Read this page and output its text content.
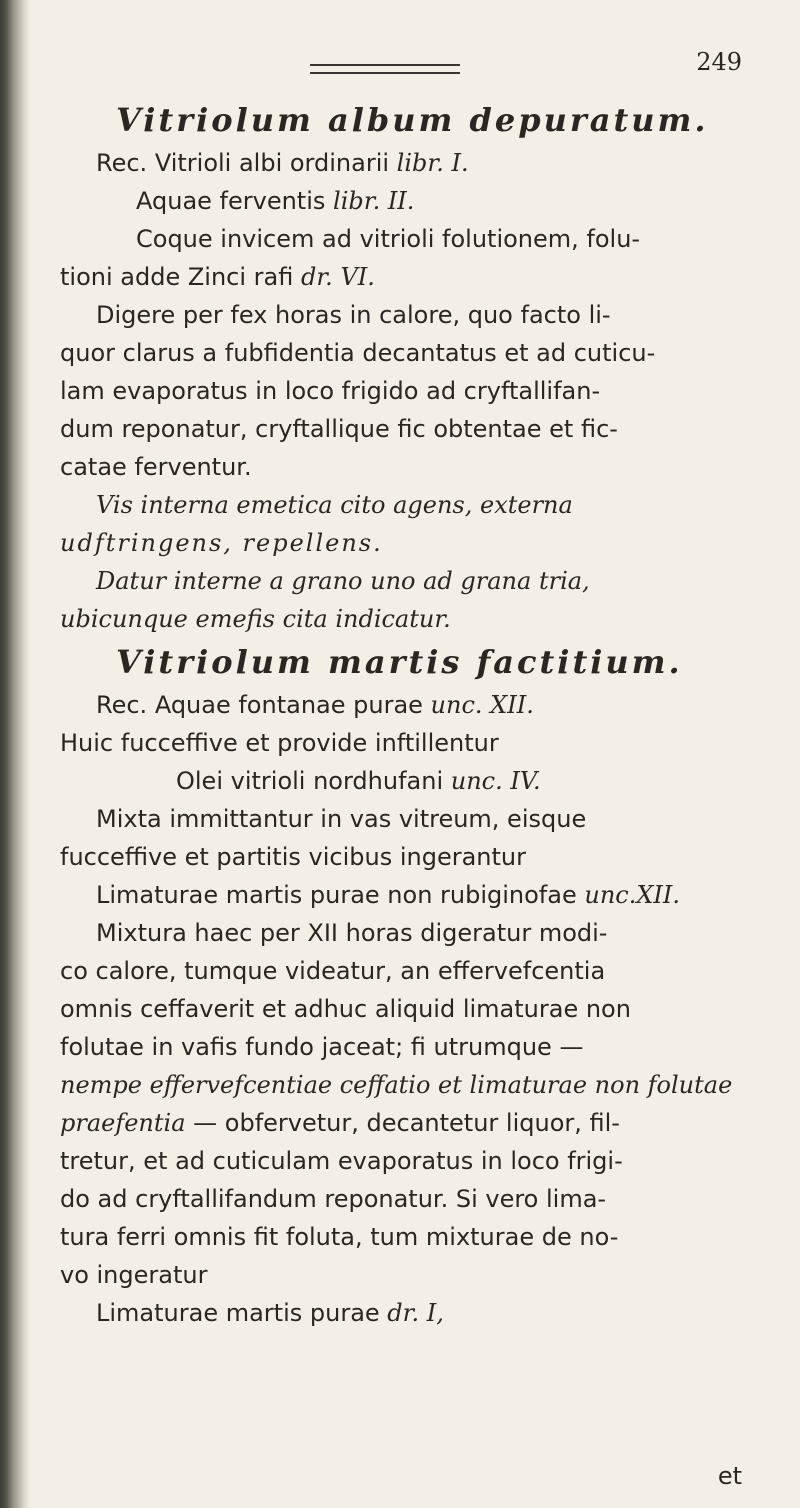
249
Vitriolum album depuratum.
Rec. Vitrioli albi ordinarii libr. I.
Aquae ferventis libr. II.
Coque invicem ad vitrioli folutionem, folu-
tioni adde Zinci rafi dr. VI.
Digere per fex horas in calore, quo facto li-
quor clarus a fubfidentia decantatus et ad cuticu-
lam evaporatus in loco frigido ad cryftallifan-
dum reponatur, cryftallique fic obtentae et fic-
catae ferventur.
Vis interna emetica cito agens, externa
udftringens, repellens.
Datur interne a grano uno ad grana tria,
ubicunque emefis cita indicatur.
Vitriolum martis factitium.
Rec. Aquae fontanae purae unc. XII.
Huic fucceffive et provide inftillentur
Olei vitrioli nordhufani unc. IV.
Mixta immittantur in vas vitreum, eisque
fucceffive et partitis vicibus ingerantur
Limaturae martis purae non rubiginofae unc.XII.
Mixtura haec per XII horas digeratur modi-
co calore, tumque videatur, an effervefcentia
omnis ceffaverit et adhuc aliquid limaturae non
folutae in vafis fundo jaceat; fi utrumque —
nempe effervefcentiae ceffatio et limaturae non folutae
praefentia — obfervetur, decantetur liquor, fil-
tretur, et ad cuticulam evaporatus in loco frigi-
do ad cryftallifandum reponatur. Si vero lima-
tura ferri omnis fit foluta, tum mixturae de no-
vo ingeratur
Limaturae martis purae dr. I,
et
